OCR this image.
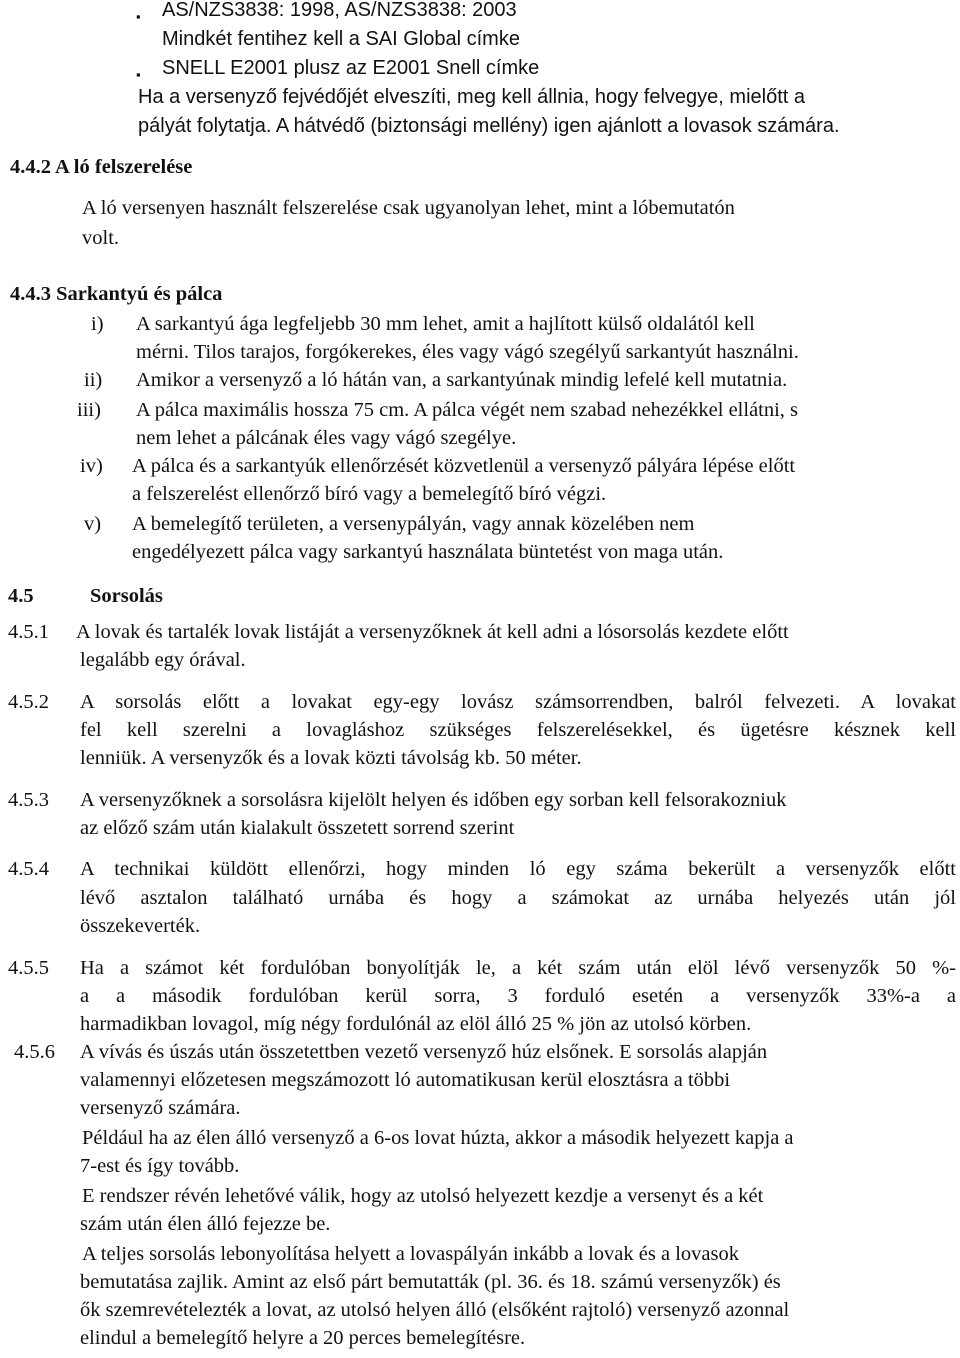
▪ AS/NZS3838: 1998, AS/NZS3838: 2003
Mindkét fentihez kell a SAI Global címke
▪ SNELL E2001 plusz az E2001 Snell címke
Ha a versenyző fejvédőjét elveszíti, meg kell állnia, hogy felvegye, mielőtt a
pályát folytatja. A hátvédő (biztonsági mellény) igen ajánlott a lovasok számára.
4.4.2 A ló felszerelése
A ló versenyen használt felszerelése csak ugyanolyan lehet, mint a lóbemutatón
volt.
4.4.3 Sarkantyú és pálca
i) A sarkantyú ága legfeljebb 30 mm lehet, amit a hajlított külső oldalától kell
mérni. Tilos tarajos, forgókerekes, éles vagy vágó szegélyű sarkantyút használni.
ii) Amikor a versenyző a ló hátán van, a sarkantyúnak mindig lefelé kell mutatnia.
iii) A pálca maximális hossza 75 cm. A pálca végét nem szabad nehezékkel ellátni, s
nem lehet a pálcának éles vagy vágó szegélye.
iv) A pálca és a sarkantyúk ellenőrzését közvetlenül a versenyző pályára lépése előtt
a felszerelést ellenőrző bíró vagy a bemelegítő bíró végzi.
v) A bemelegítő területen, a versenypályán, vagy annak közelében nem
engedélyezett pálca vagy sarkantyú használata büntetést von maga után.
4.5	Sorsolás
4.5.1 A lovak és tartalék lovak listáját a versenyzőknek át kell adni a lósorsolás kezdete előtt
legalább egy órával.
4.5.2 A sorsolás előtt a lovakat egy-egy lovász számsorrendben, balról felvezeti. A lovakat
fel kell szerelni a lovagláshoz szükséges felszerelésekkel, és ügetésre késznek kell
lenniük. A versenyzők és a lovak közti távolság kb. 50 méter.
4.5.3 A versenyzőknek a sorsolásra kijelölt helyen és időben egy sorban kell felsorakozniuk
az előző szám után kialakult összetett sorrend szerint
4.5.4 A technikai küldött ellenőrzi, hogy minden ló egy száma bekerült a versenyzők előtt
lévő asztalon található urnába és hogy a számokat az urnába helyezés után jól
összekeverték.
4.5.5 Ha a számot két fordulóban bonyolítják le, a két szám után elöl lévő versenyzők 50 %-
a a második fordulóban kerül sorra, 3 forduló esetén a versenyzők 33%-a a
harmadikban lovagol, míg négy fordulónál az elöl álló 25 % jön az utolsó körben.
4.5.6 A vívás és úszás után összetettben vezető versenyző húz elsőnek. E sorsolás alapján
valamennyi előzetesen megszámozott ló automatikusan kerül elosztásra a többi
versenyző számára.
Például ha az élen álló versenyző a 6-os lovat húzta, akkor a második helyezett kapja a
7-est és így tovább.
E rendszer révén lehetővé válik, hogy az utolsó helyezett kezdje a versenyt és a két
szám után élen álló fejezze be.
A teljes sorsolás lebonyolítása helyett a lovaspályán inkább a lovak és a lovasok
bemutatása zajlik. Amint az első párt bemutatták (pl. 36. és 18. számú versenyzők) és
ők szemrevételezték a lovat, az utolsó helyen álló (elsőként rajtoló) versenyző azonnal
elindul a bemelegítő helyre a 20 perces bemelegítésre.
